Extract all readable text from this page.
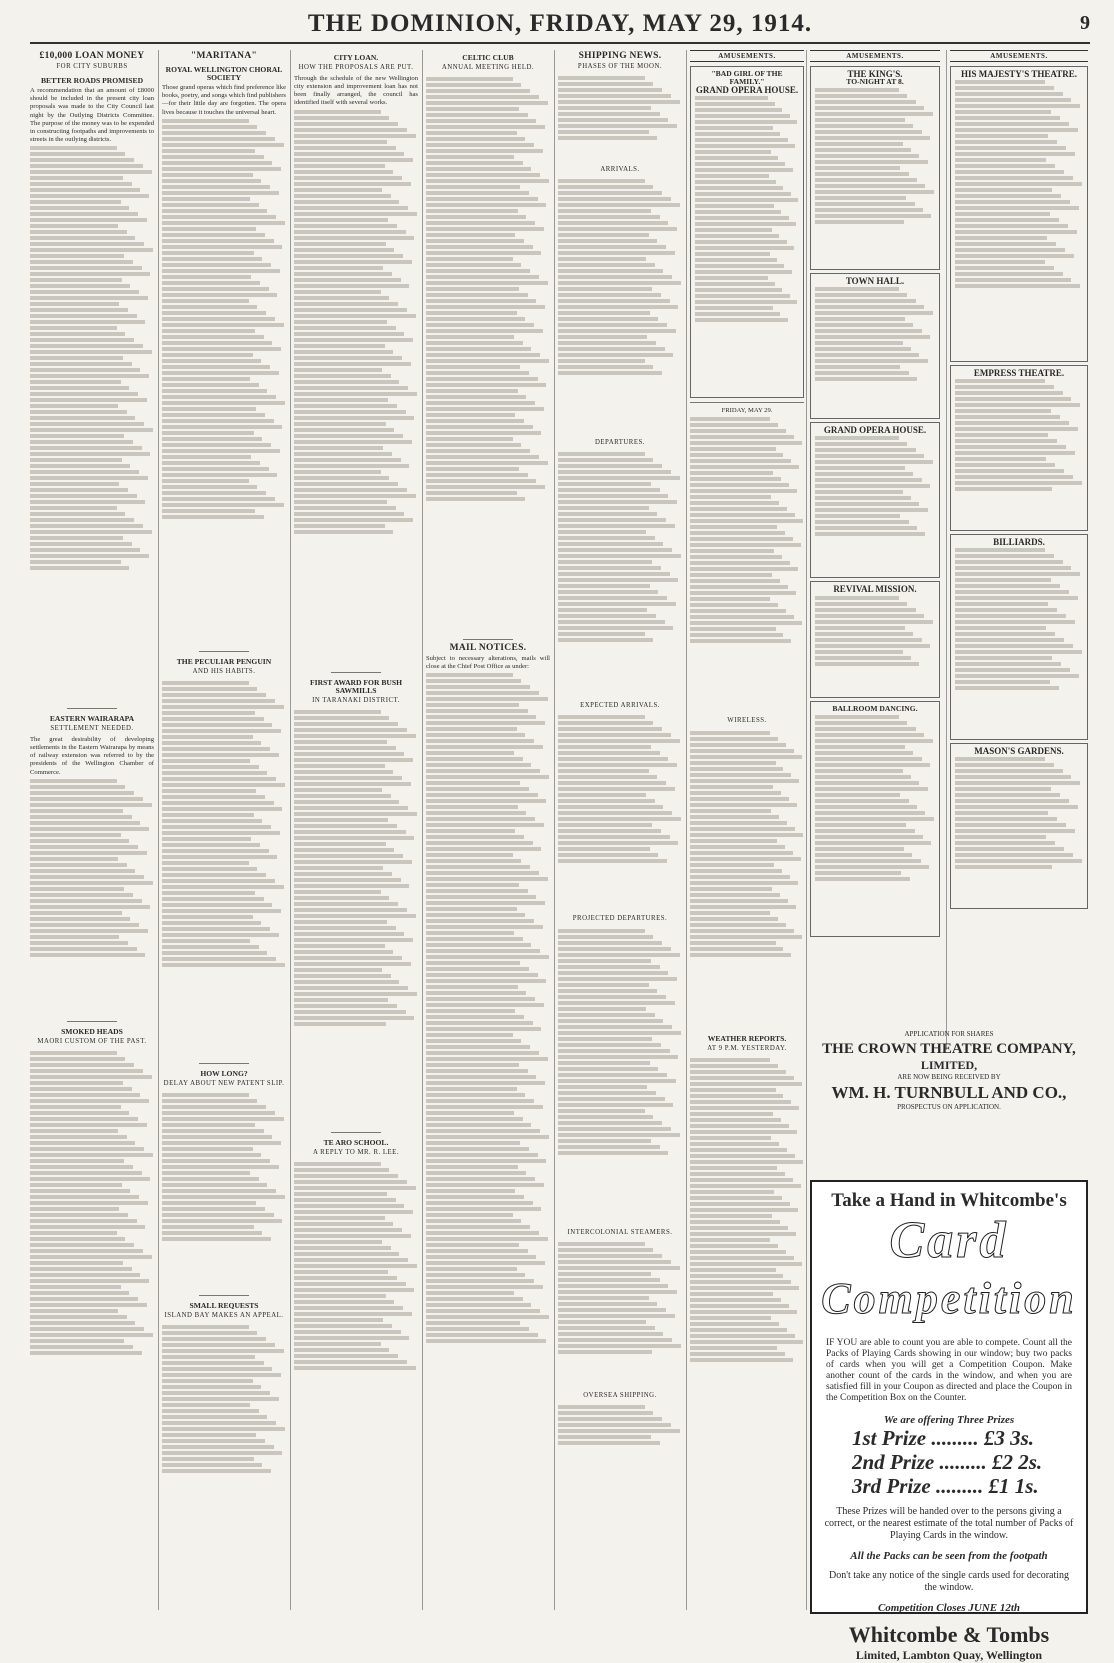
THE DOMINION, FRIDAY, MAY 29, 1914.	9
£10,000 LOAN MONEY
FOR CITY SUBURBS
BETTER ROADS PROMISED
A recommendation that an amount of £8000 should be included in the present city loan proposals was made to the City Council last night by the Outlying Districts Committee. The purpose of the money was to be expended in constructing footpaths and improvements to streets in the outlying districts.
EASTERN WAIRARAPA
SETTLEMENT NEEDED.
The great desirability of developing settlements in the Eastern Wairarapa by means of railway extension was referred to by the presidents of the Wellington Chamber of Commerce.
SMOKED HEADS
MAORI CUSTOM OF THE PAST.
"MARITANA"
ROYAL WELLINGTON CHORAL SOCIETY
Those grand operas which find preference like books, poetry, and songs which find publishers—for their little day are forgotten. The opera lives because it touches the universal heart.
THE PECULIAR PENGUIN
AND HIS HABITS.
HOW LONG?
DELAY ABOUT NEW PATENT SLIP.
SMALL REQUESTS
ISLAND BAY MAKES AN APPEAL.
CITY LOAN.
HOW THE PROPOSALS ARE PUT.
Through the schedule of the new Wellington city extension and improvement loan has not been finally arranged, the council has identified itself with several works.
FIRST AWARD FOR BUSH SAWMILLS
IN TARANAKI DISTRICT.
TE ARO SCHOOL.
A REPLY TO MR. R. LEE.
CELTIC CLUB
ANNUAL MEETING HELD.
MAIL NOTICES.
Subject to necessary alterations, mails will close at the Chief Post Office as under:
SHIPPING NEWS.
PHASES OF THE MOON.
ARRIVALS.
DEPARTURES.
EXPECTED ARRIVALS.
PROJECTED DEPARTURES.
INTERCOLONIAL STEAMERS.
OVERSEA SHIPPING.
AMUSEMENTS.
"BAD GIRL OF THE FAMILY."
GRAND OPERA HOUSE.
FRIDAY, MAY 29.
WIRELESS.
WEATHER REPORTS.
AT 9 P.M. YESTERDAY.
AMUSEMENTS.
THE KING'S.
TO-NIGHT AT 8.
TOWN HALL.
GRAND OPERA HOUSE.
REVIVAL MISSION.
BALLROOM DANCING.
AMUSEMENTS.
HIS MAJESTY'S THEATRE.
EMPRESS THEATRE.
BILLIARDS.
MASON'S GARDENS.
APPLICATION FOR SHARES
THE CROWN THEATRE COMPANY,
LIMITED,
ARE NOW BEING RECEIVED BY
WM. H. TURNBULL AND CO.,
PROSPECTUS ON APPLICATION.
Take a Hand in Whitcombe's
Card
Competition
IF YOU are able to count you are able to compete. Count all the Packs of Playing Cards showing in our window; buy two packs of cards when you will get a Competition Coupon. Make another count of the cards in the window, and when you are satisfied fill in your Coupon as directed and place the Coupon in the Competition Box on the Counter.
We are offering Three Prizes
1st Prize ......... £3 3s.
2nd Prize ......... £2 2s.
3rd Prize ......... £1 1s.
These Prizes will be handed over to the persons giving a correct, or the nearest estimate of the total number of Packs of Playing Cards in the window.
All the Packs can be seen from the footpath
Don't take any notice of the single cards used for decorating the window.
Competition Closes JUNE 12th
Whitcombe & Tombs
Limited, Lambton Quay, Wellington
